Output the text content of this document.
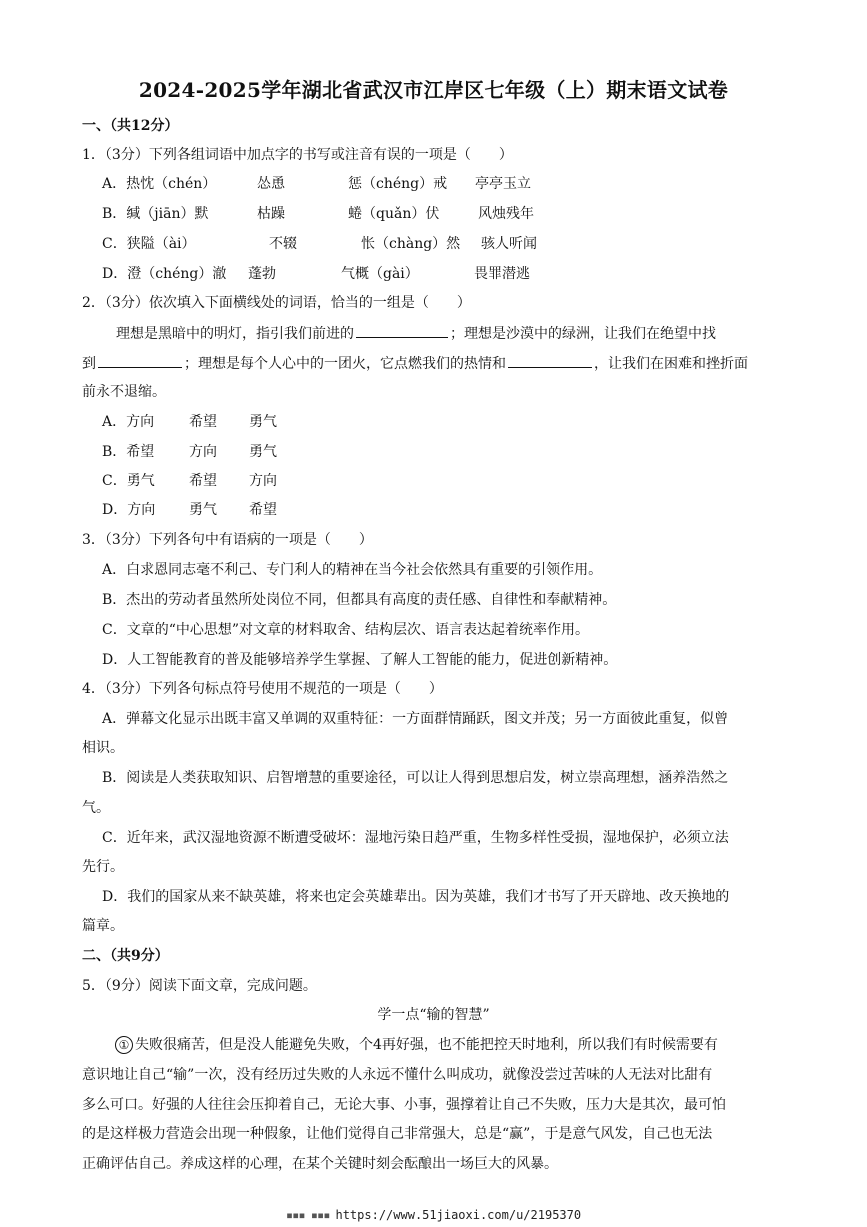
2024-2025学年湖北省武汉市江岸区七年级（上）期末语文试卷
一、（共12分）
1．（3分）下列各组词语中加点字的书写或注音有误的一项是（　　）
A．热忱（chén）	怂恿	惩（chéng）戒 亭亭玉立
B．缄（jiān）默	枯躁	蜷（quǎn）伏	风烛残年
C．狭隘（ài）	不辍	怅（chàng）然 骇人听闻
D．澄（chéng）澈 蓬勃	气概（gài）	畏罪潜逃
2．（3分）依次填入下面横线处的词语，恰当的一组是（　　）
理想是黑暗中的明灯，指引我们前进的	；理想是沙漠中的绿洲，让我们在绝望中找
到	；理想是每个人心中的一团火，它点燃我们的热情和	，让我们在困难和挫折面
前永不退缩。
A．方向 希望 勇气
B．希望 方向 勇气
C．勇气 希望 方向
D．方向 勇气 希望
3．（3分）下列各句中有语病的一项是（　　）
A．白求恩同志毫不利己、专门利人的精神在当今社会依然具有重要的引领作用。
B．杰出的劳动者虽然所处岗位不同，但都具有高度的责任感、自律性和奉献精神。
C．文章的“中心思想”对文章的材料取舍、结构层次、语言表达起着统率作用。
D．人工智能教育的普及能够培养学生掌握、了解人工智能的能力，促进创新精神。
4．（3分）下列各句标点符号使用不规范的一项是（　　）
A．弹幕文化显示出既丰富又单调的双重特征：一方面群情踊跃，图文并茂；另一方面彼此重复，似曾
相识。
B．阅读是人类获取知识、启智增慧的重要途径，可以让人得到思想启发，树立崇高理想，涵养浩然之
气。
C．近年来，武汉湿地资源不断遭受破坏：湿地污染日趋严重，生物多样性受损，湿地保护，必须立法
先行。
D．我们的国家从来不缺英雄，将来也定会英雄辈出。因为英雄，我们才书写了开天辟地、改天换地的
篇章。
二、（共9分）
5．（9分）阅读下面文章，完成问题。
学一点“输的智慧”
① 失败很痛苦，但是没人能避免失败，个4再好强，也不能把控天时地利，所以我们有时候需要有
意识地让自己“输”一次，没有经历过失败的人永远不懂什么叫成功，就像没尝过苦味的人无法对比甜有
多么可口。好强的人往往会压抑着自己，无论大事、小事，强撑着让自己不失败，压力大是其次，最可怕
的是这样极力营造会出现一种假象，让他们觉得自己非常强大，总是“赢”，于是意气风发，自己也无法
正确评估自己。养成这样的心理，在某个关键时刻会酝酿出一场巨大的风暴。
▪▪▪ ▪▪▪ https://www.51jiaoxi.com/u/2195370
